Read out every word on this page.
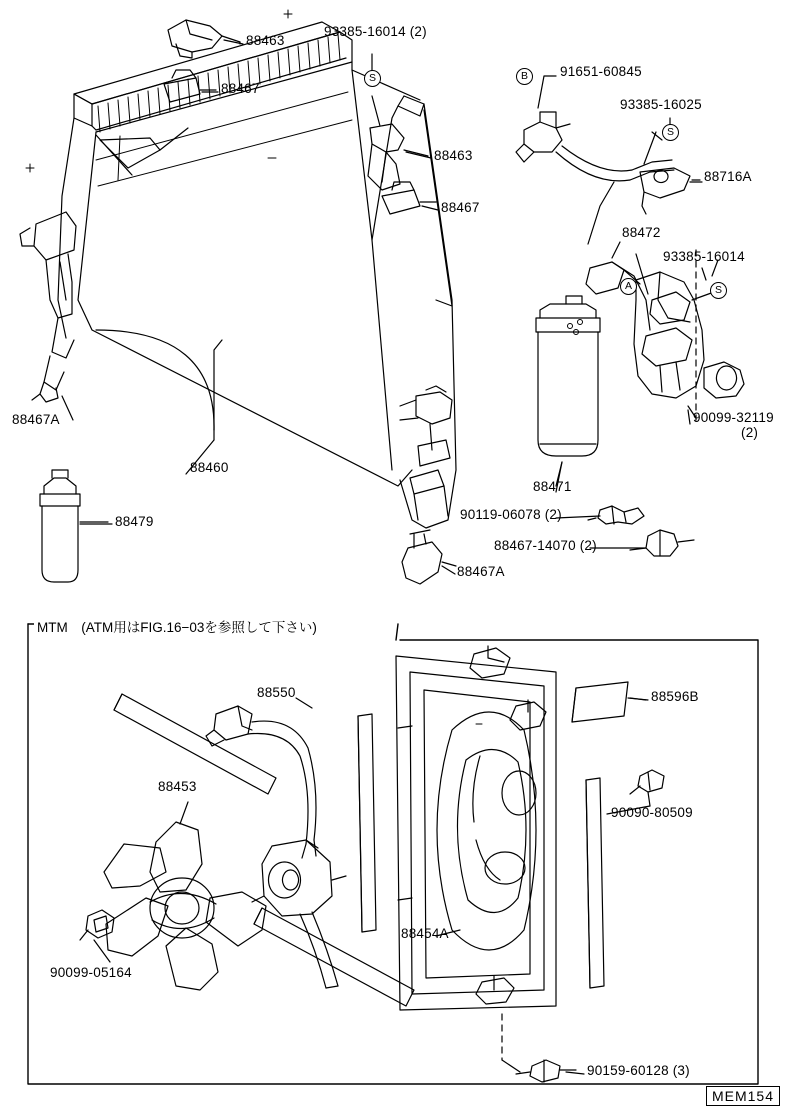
S	B
S
S
A
88463
93385-16014 (2)
91651-60845
88467
93385-16025
88463
88716A
88467
88472
93385-16014
88467A	90099-32119
(2)
88460
88471
88479	90119-06078 (2)
88467-14070 (2)
88467A
88550	88596B
88453
90090-80509
88454A
90099-05164
90159-60128 (3)
MTM　(ATM用はFIG.16−03を参照して下さい)
MEM154
